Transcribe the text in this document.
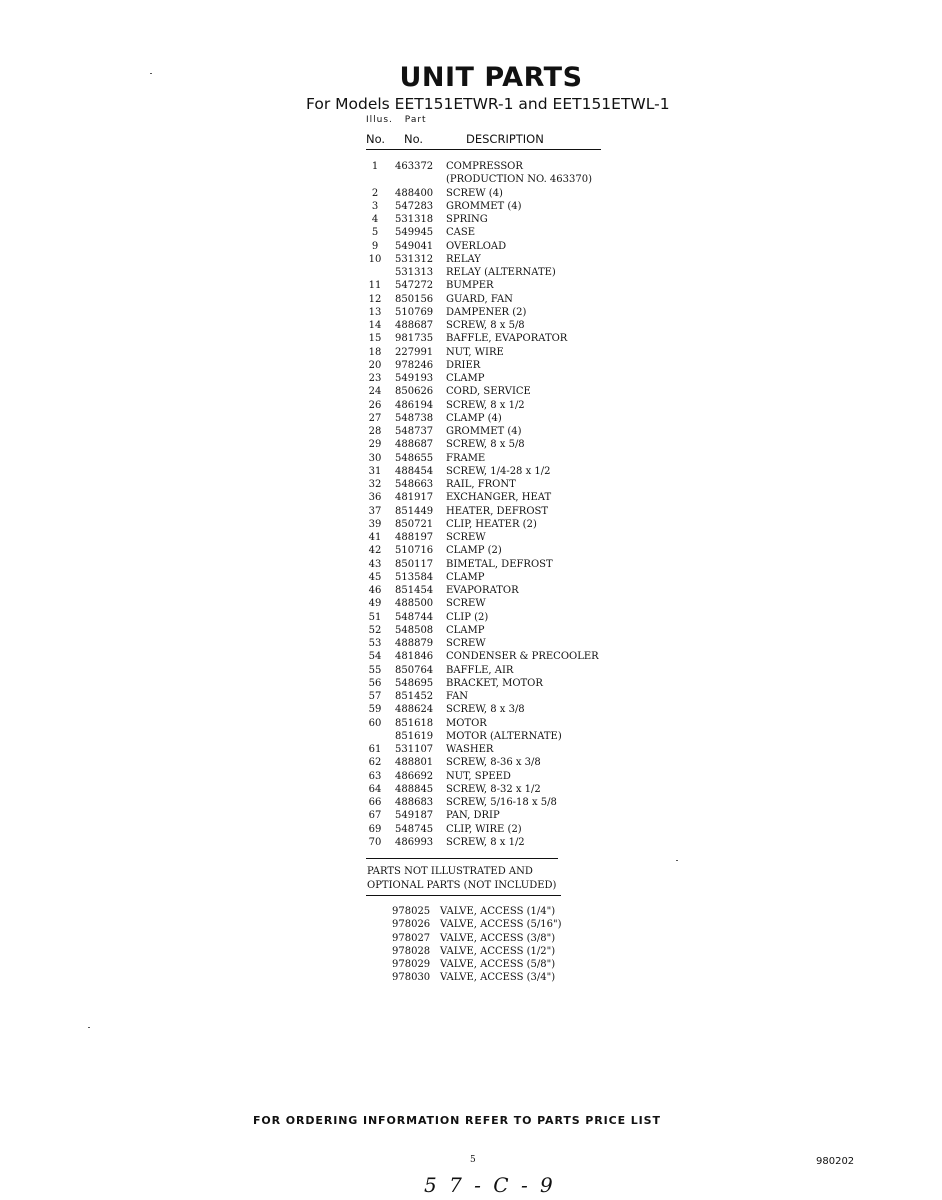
UNIT PARTS
For Models EET151ETWR-1 and EET151ETWL-1
Illus. Part
No. No.	DESCRIPTION
1	463372 COMPRESSOR
(PRODUCTION NO. 463370)
2	488400 SCREW (4)
3	547283 GROMMET (4)
4	531318 SPRING
5	549945 CASE
9	549041 OVERLOAD
10 531312 RELAY
531313 RELAY (ALTERNATE)
11 547272 BUMPER
12 850156 GUARD, FAN
13 510769 DAMPENER (2)
14 488687 SCREW, 8 x 5/8
15 981735 BAFFLE, EVAPORATOR
18 227991 NUT, WIRE
20 978246 DRIER
23 549193 CLAMP
24 850626 CORD, SERVICE
26 486194 SCREW, 8 x 1/2
27 548738 CLAMP (4)
28 548737 GROMMET (4)
29 488687 SCREW, 8 x 5/8
30 548655 FRAME
31 488454 SCREW, 1/4-28 x 1/2
32 548663 RAIL, FRONT
36 481917 EXCHANGER, HEAT
37 851449 HEATER, DEFROST
39 850721 CLIP, HEATER (2)
41 488197 SCREW
42 510716 CLAMP (2)
43 850117 BIMETAL, DEFROST
45 513584 CLAMP
46 851454 EVAPORATOR
49 488500 SCREW
51 548744 CLIP (2)
52 548508 CLAMP
53 488879 SCREW
54 481846 CONDENSER & PRECOOLER
55 850764 BAFFLE, AIR
56 548695 BRACKET, MOTOR
57 851452 FAN
59 488624 SCREW, 8 x 3/8
60 851618 MOTOR
851619 MOTOR (ALTERNATE)
61 531107 WASHER
62 488801 SCREW, 8-36 x 3/8
63 486692 NUT, SPEED
64 488845 SCREW, 8-32 x 1/2
66 488683 SCREW, 5/16-18 x 5/8
67 549187 PAN, DRIP
69 548745 CLIP, WIRE (2)
70 486993 SCREW, 8 x 1/2
PARTS NOT ILLUSTRATED AND
OPTIONAL PARTS (NOT INCLUDED)
978025 VALVE, ACCESS (1/4")
978026 VALVE, ACCESS (5/16")
978027 VALVE, ACCESS (3/8")
978028 VALVE, ACCESS (1/2")
978029 VALVE, ACCESS (5/8")
978030 VALVE, ACCESS (3/4")
FOR ORDERING INFORMATION REFER TO PARTS PRICE LIST
5	980202
5 7 - C - 9
